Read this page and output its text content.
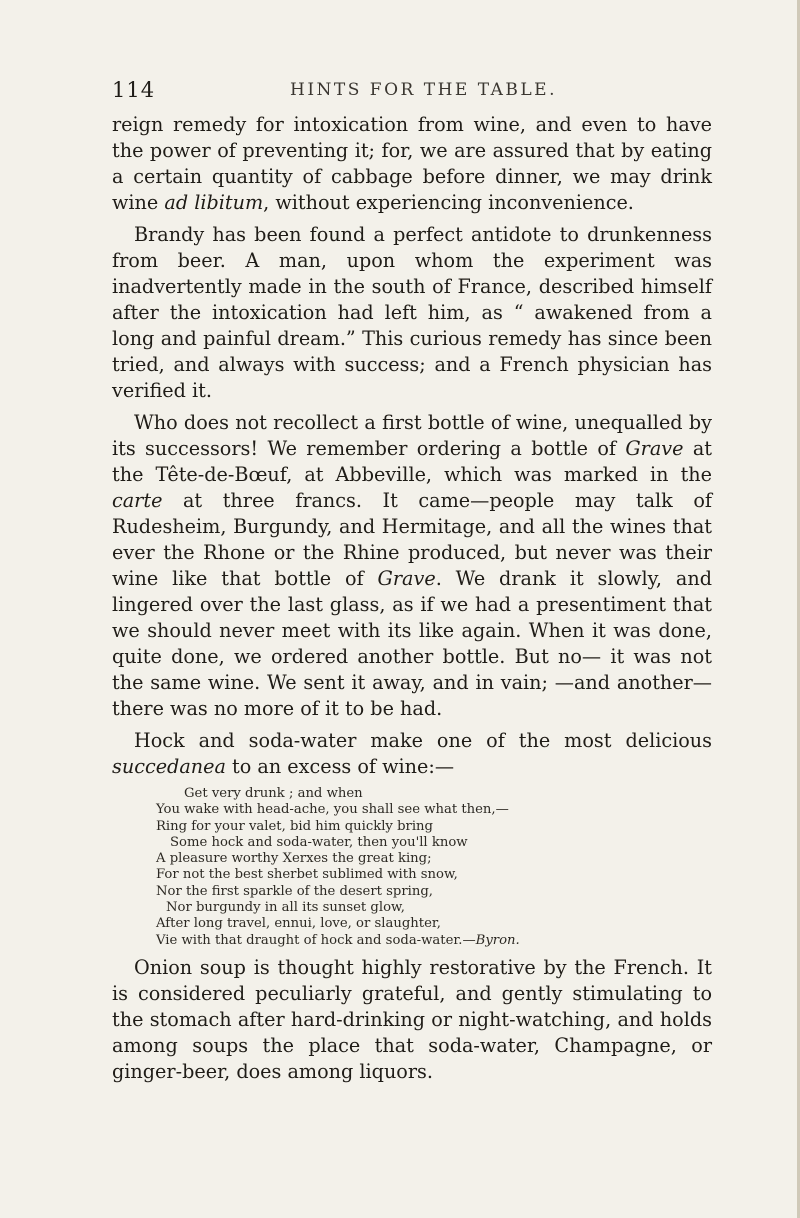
114	HINTS FOR THE TABLE.

reign remedy for intoxication from wine, and even to have the power of preventing it; for, we are assured that by eating a certain quantity of cabbage before dinner, we may drink wine ad libitum, without experiencing inconvenience.

Brandy has been found a perfect antidote to drunkenness from beer. A man, upon whom the experiment was inadvertently made in the south of France, described himself after the intoxication had left him, as “ awakened from a long and painful dream.” This curious remedy has since been tried, and always with success; and a French physician has verified it.

Who does not recollect a first bottle of wine, unequalled by its successors! We remember ordering a bottle of Grave at the Tête-de-Bœuf, at Abbeville, which was marked in the carte at three francs. It came—people may talk of Rudesheim, Burgundy, and Hermitage, and all the wines that ever the Rhone or the Rhine produced, but never was their wine like that bottle of Grave. We drank it slowly, and lingered over the last glass, as if we had a presentiment that we should never meet with its like again. When it was done, quite done, we ordered another bottle. But no— it was not the same wine. We sent it away, and in vain; —and another—there was no more of it to be had.

Hock and soda-water make one of the most delicious succedanea to an excess of wine:—

Get very drunk ; and when
You wake with head-ache, you shall see what then,—
Ring for your valet, bid him quickly bring
Some hock and soda-water, then you'll know
A pleasure worthy Xerxes the great king;
For not the best sherbet sublimed with snow,
Nor the first sparkle of the desert spring,
Nor burgundy in all its sunset glow,
After long travel, ennui, love, or slaughter,
Vie with that draught of hock and soda-water.—Byron.

Onion soup is thought highly restorative by the French. It is considered peculiarly grateful, and gently stimulating to the stomach after hard-drinking or night-watching, and holds among soups the place that soda-water, Champagne, or ginger-beer, does among liquors.
